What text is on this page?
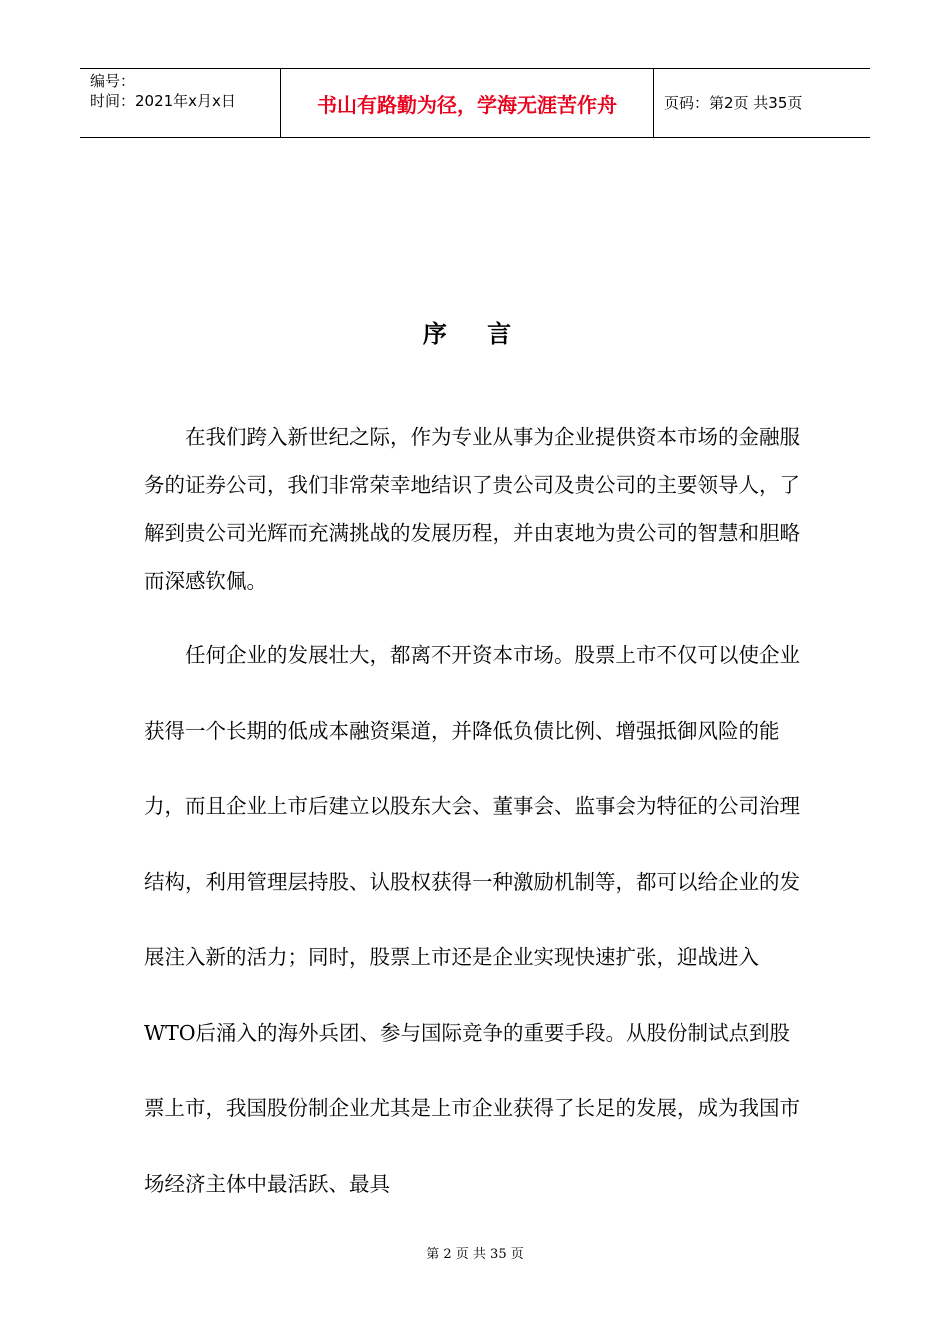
编号：
时间：2021年x月x日	书山有路勤为径，学海无涯苦作舟	页码：第2页 共35页
序 言

在我们跨入新世纪之际，作为专业从事为企业提供资本市场的金融服务的证券公司，我们非常荣幸地结识了贵公司及贵公司的主要领导人，了解到贵公司光辉而充满挑战的发展历程，并由衷地为贵公司的智慧和胆略而深感钦佩。

任何企业的发展壮大，都离不开资本市场。股票上市不仅可以使企业获得一个长期的低成本融资渠道，并降低负债比例、增强抵御风险的能力，而且企业上市后建立以股东大会、董事会、监事会为特征的公司治理结构，利用管理层持股、认股权获得一种激励机制等，都可以给企业的发展注入新的活力；同时，股票上市还是企业实现快速扩张，迎战进入WTO后涌入的海外兵团、参与国际竞争的重要手段。从股份制试点到股票上市，我国股份制企业尤其是上市企业获得了长足的发展，成为我国市场经济主体中最活跃、最具

第 2 页 共 35 页
